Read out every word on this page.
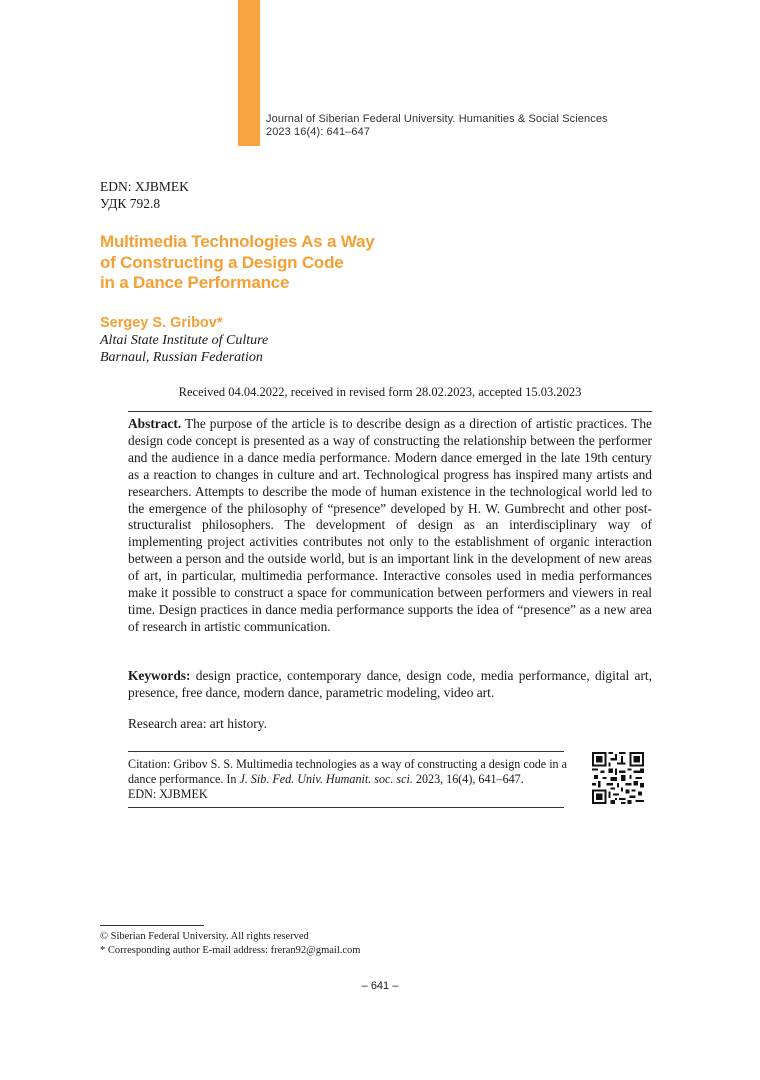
Journal of Siberian Federal University. Humanities & Social Sciences
2023 16(4): 641–647
EDN: XJBMEK
УДК 792.8
Multimedia Technologies As a Way
of Constructing a Design Code
in a Dance Performance
Sergey S. Gribov*
Altai State Institute of Culture
Barnaul, Russian Federation
Received 04.04.2022, received in revised form 28.02.2023, accepted 15.03.2023
Abstract. The purpose of the article is to describe design as a direction of artistic practices. The design code concept is presented as a way of constructing the relationship between the performer and the audience in a dance media performance. Modern dance emerged in the late 19th century as a reaction to changes in culture and art. Technological progress has inspired many artists and researchers. Attempts to describe the mode of human existence in the technological world led to the emergence of the philosophy of “presence” developed by H. W. Gumbrecht and other post-structuralist philosophers. The development of design as an interdisciplinary way of implementing project activities contributes not only to the establishment of organic interaction between a person and the outside world, but is an important link in the development of new areas of art, in particular, multimedia performance. Interactive consoles used in media performances make it possible to construct a space for communication between performers and viewers in real time. Design practices in dance media performance supports the idea of “presence” as a new area of research in artistic communication.
Keywords: design practice, contemporary dance, design code, media performance, digital art, presence, free dance, modern dance, parametric modeling, video art.
Research area: art history.
Citation: Gribov S. S. Multimedia technologies as a way of constructing a design code in a dance performance. In J. Sib. Fed. Univ. Humanit. soc. sci. 2023, 16(4), 641–647.
EDN: XJBMEK
© Siberian Federal University. All rights reserved
* Corresponding author E-mail address: freran92@gmail.com
– 641 –
